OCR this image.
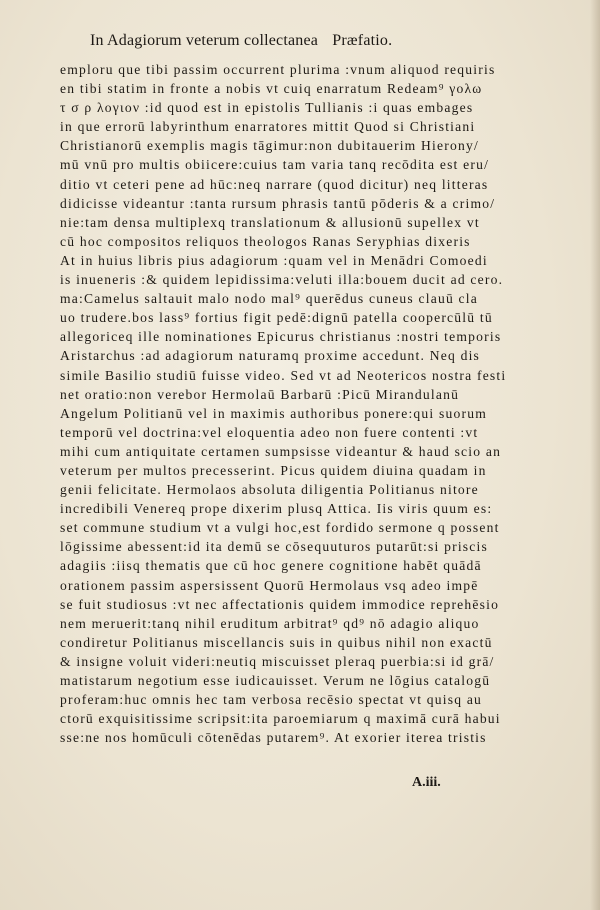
In Adagiorum veterum collectanea Præfatio.
emploru que tibi passim occurrent plurima :vnum aliquod requiris
en tibi statim in fronte a nobis vt cuiq enarratum Redeam⁹ γολω
τ σ ρ λογιον :id quod est in epistolis Tullianis :i quas embages
in que errorū labyrinthum enarratores mittit Quod si Christiani
Christianorū exemplis magis tāgimur:non dubitauerim Hierony/
mū vnū pro multis obiicere:cuius tam varia tanq recōdita est eru/
ditio vt ceteri pene ad hūc:neq narrare (quod dicitur) neq litteras
didicisse videantur :tanta rursum phrasis tantū pōderis & a crimo/
nie:tam densa multiplexq translationum & allusionū supellex vt
cū hoc compositos reliquos theologos Ranas Seryphias dixeris
At in huius libris pius adagiorum :quam vel in Menādri Comoedi
is inueneris :& quidem lepidissima:veluti illa:bouem ducit ad cero.
ma:Camelus saltauit malo nodo mal⁹ querēdus cuneus clauū cla
uo trudere.bos lass⁹ fortius figit pedē:dignū patella coopercūlū tū
allegoriceq ille nominationes Epicurus christianus :nostri temporis
Aristarchus :ad adagiorum naturamq proxime accedunt. Neq dis
simile Basilio studiū fuisse video. Sed vt ad Neotericos nostra festi
net oratio:non verebor Hermolaū Barbarū :Picū Mirandulanū
Angelum Politianū vel in maximis authoribus ponere:qui suorum
temporū vel doctrina:vel eloquentia adeo non fuere contenti :vt
mihi cum antiquitate certamen sumpsisse videantur & haud scio an
veterum per multos precesserint. Picus quidem diuina quadam in
genii felicitate. Hermolaos absoluta diligentia Politianus nitore
incredibili Venereq prope dixerim plusq Attica. Iis viris quum es:
set commune studium vt a vulgi hoc,est fordido sermone q possent
lōgissime abessent:id ita demū se cōsequuturos putarūt:si priscis
adagiis :iisq thematis que cū hoc genere cognitione habēt quādā
orationem passim aspersissent Quorū Hermolaus vsq adeo impē
se fuit studiosus :vt nec affectationis quidem immodice reprehēsio
nem meruerit:tanq nihil eruditum arbitrat⁹ qd⁹ nō adagio aliquo
condiretur Politianus miscellancis suis in quibus nihil non exactū
& insigne voluit videri:neutiq miscuisset pleraq puerbia:si id grā/
matistarum negotium esse iudicauisset. Verum ne lōgius catalogū
proferam:huc omnis hec tam verbosa recēsio spectat vt quisq au
ctorū exquisitissime scripsit:ita paroemiarum q maximā curā habui
sse:ne nos homūculi cōtenēdas putarem⁹. At exorier iterea tristis
A.iii.
